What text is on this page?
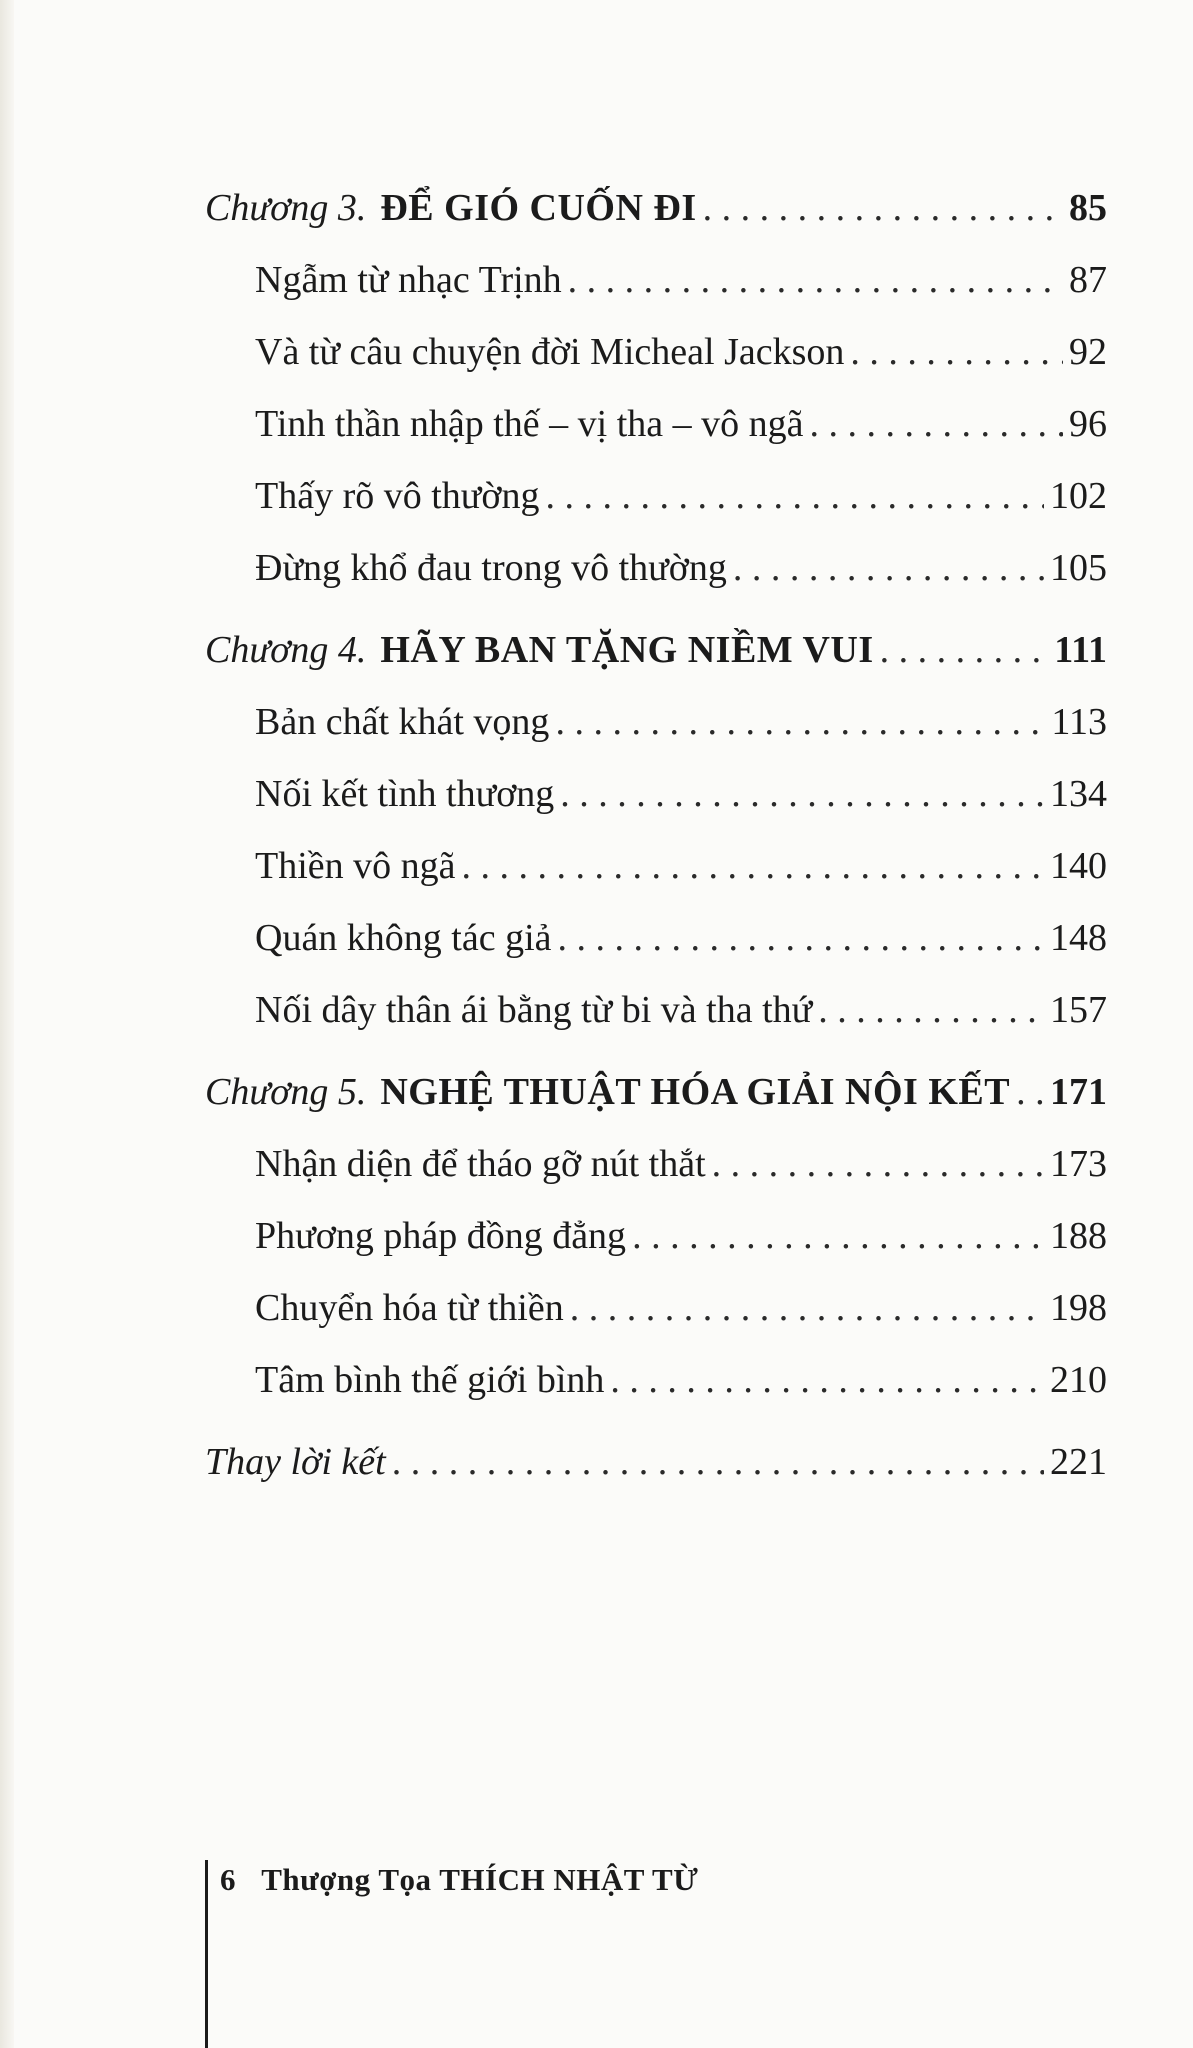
Chương 3. ĐỂ GIÓ CUỐN ĐI . . .	85
Ngẫm từ nhạc Trịnh . . .	87
Và từ câu chuyện đời Micheal Jackson . . .	92
Tinh thần nhập thế – vị tha – vô ngã . . .	96
Thấy rõ vô thường . . .	102
Đừng khổ đau trong vô thường . . .	105
Chương 4. HÃY BAN TẶNG NIỀM VUI . . .	111
Bản chất khát vọng . . .	113
Nối kết tình thương . . .	134
Thiền vô ngã . . .	140
Quán không tác giả . . .	148
Nối dây thân ái bằng từ bi và tha thứ . . .	157
Chương 5. NGHỆ THUẬT HÓA GIẢI NỘI KẾT . . . 171
Nhận diện để tháo gỡ nút thắt . . .	173
Phương pháp đồng đẳng . . .	188
Chuyển hóa từ thiền . . .	198
Tâm bình thế giới bình . . .	210
Thay lời kết . . .	221
6 Thượng Tọa THÍCH NHẬT TỪ
